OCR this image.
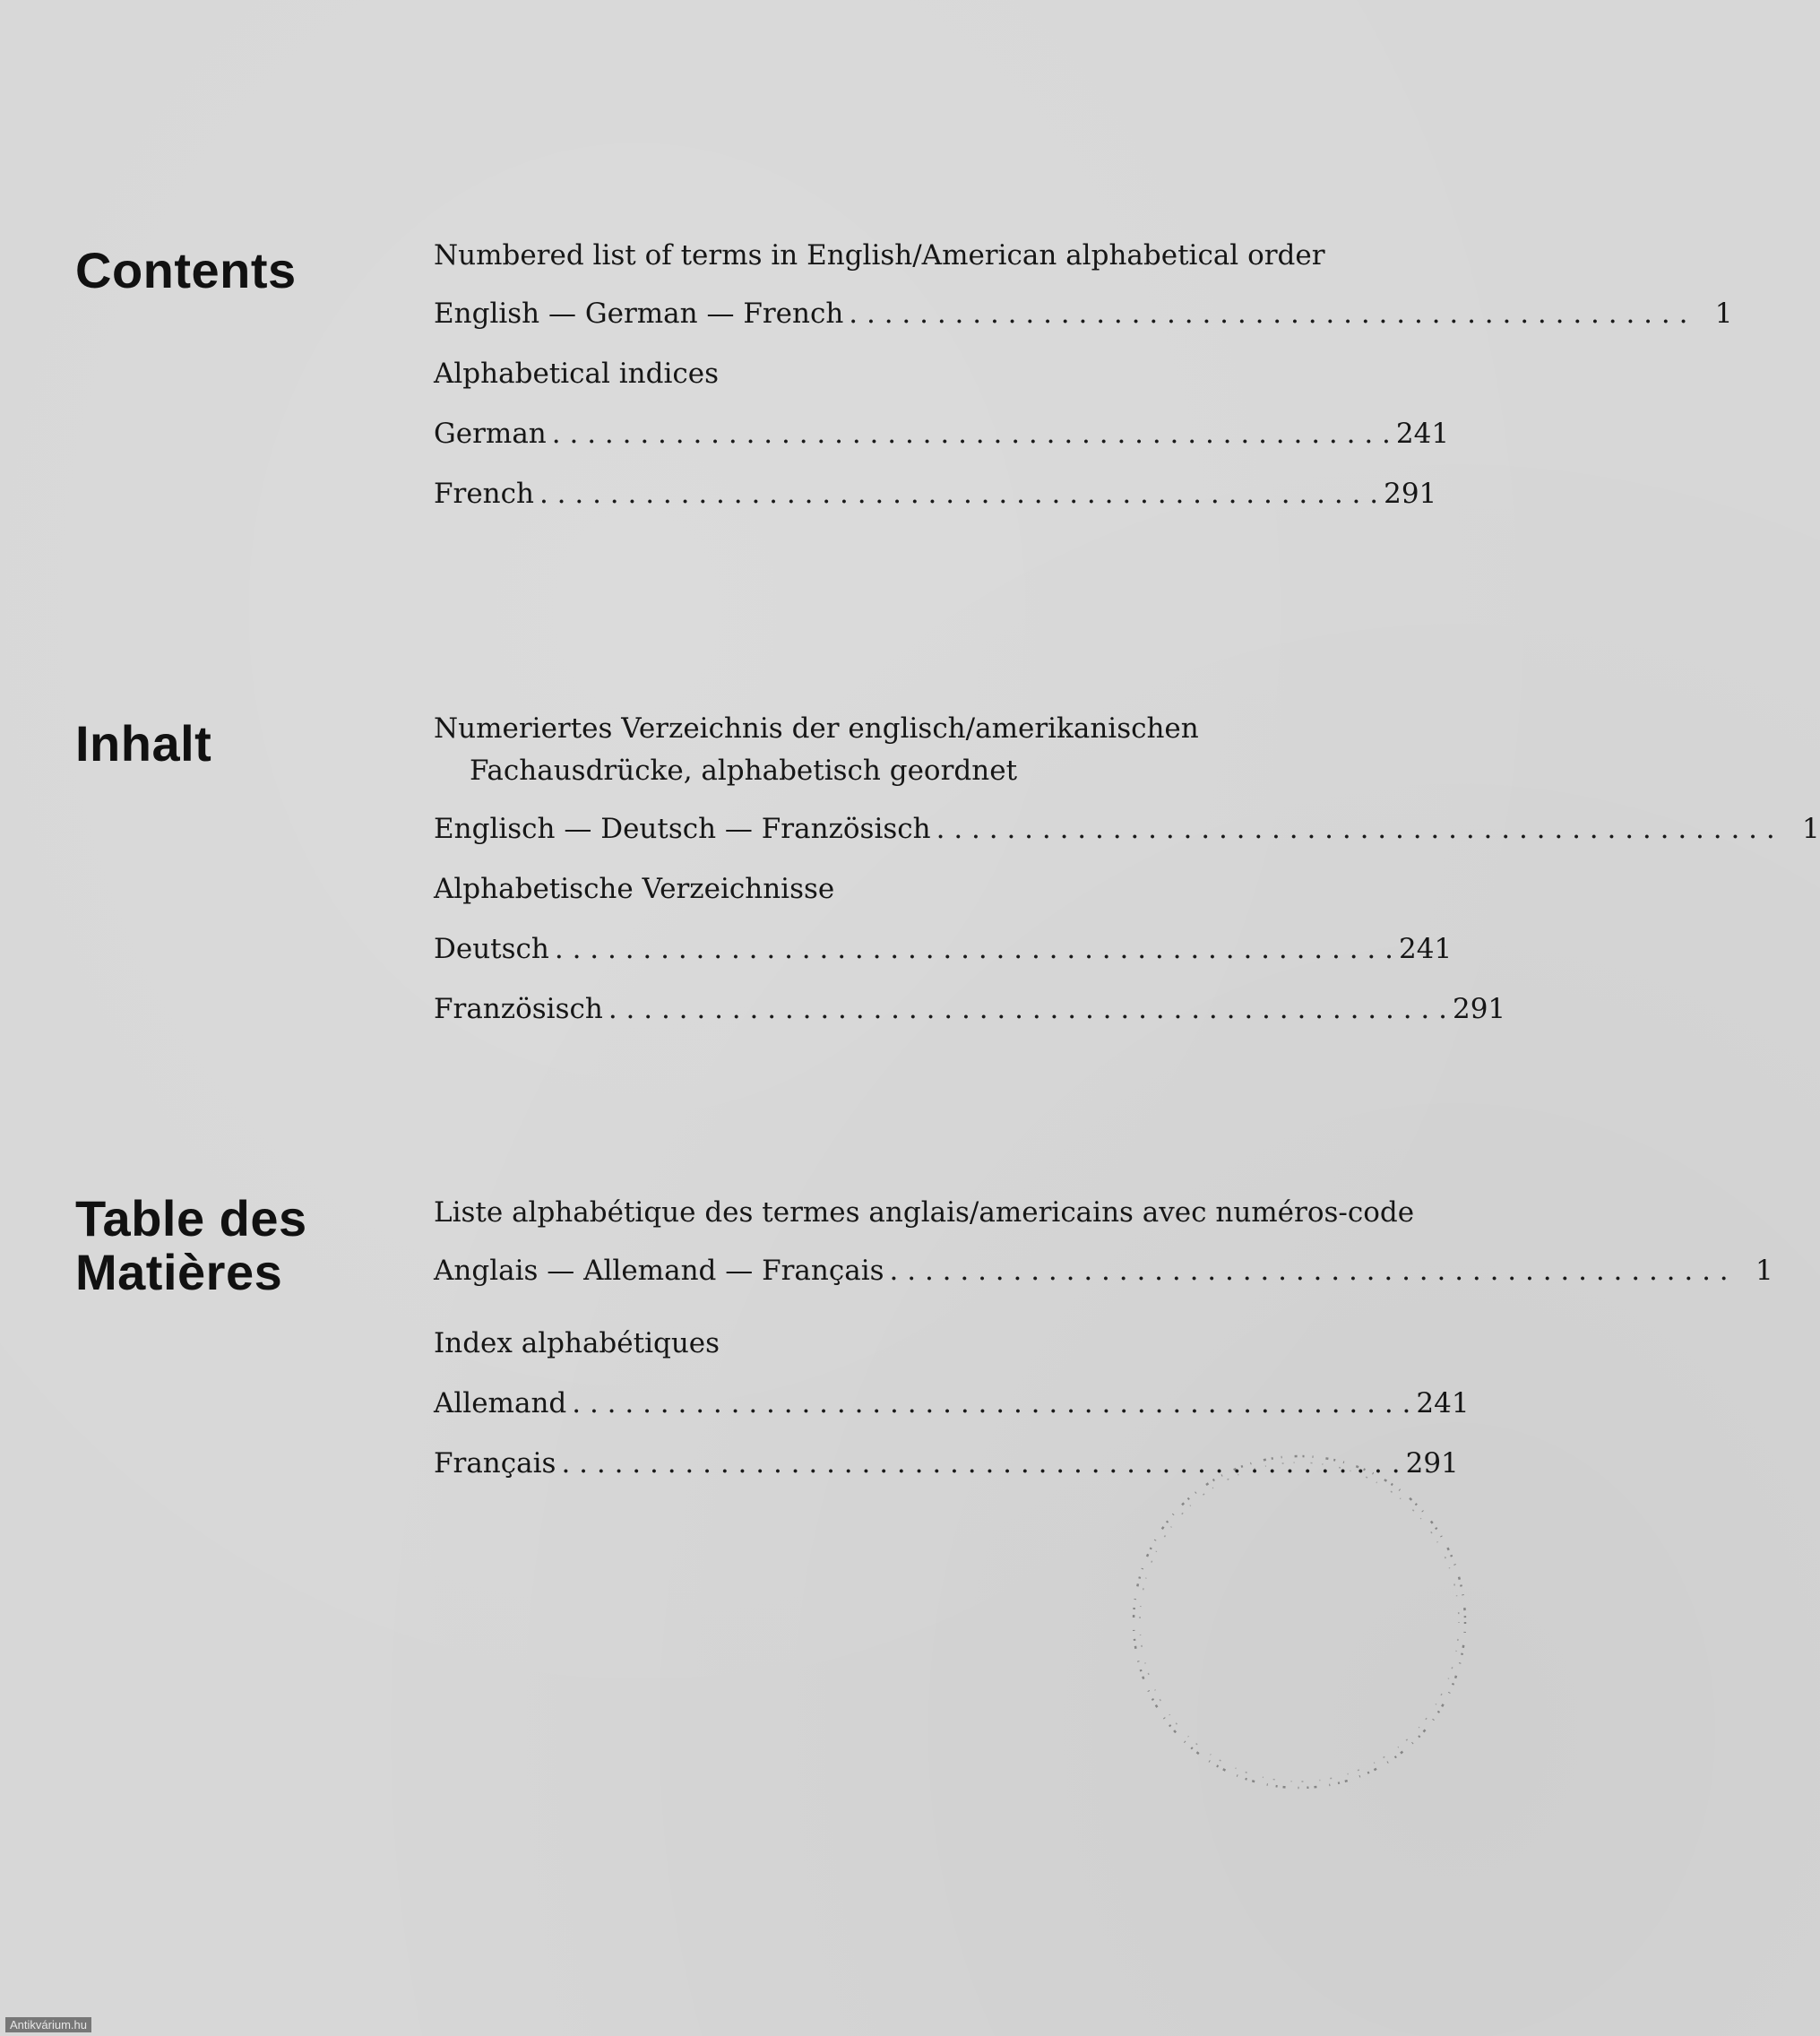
Contents	Numbered list of terms in English/American alphabetical order

English — German — French . . . . . . . . . . . . . . . . . . . . . . . . . . . . . . . . . . . . . . . . . . . . . . . . 1

Alphabetical indices

German . . . . . . . . . . . . . . . . . . . . . . . . . . . . . . . . . . . . . . . . . . . . . . . . 241
French . . . . . . . . . . . . . . . . . . . . . . . . . . . . . . . . . . . . . . . . . . . . . . . . 291
Inhalt	Numeriertes Verzeichnis der englisch/amerikanischen Fachausdrücke, alphabetisch geordnet

Englisch — Deutsch — Französisch . . . . . . . . . . . . . . . . . . . . . . . . . . . . . . . . . . . . . . . . . . . . . . . . 1

Alphabetische Verzeichnisse

Deutsch . . . . . . . . . . . . . . . . . . . . . . . . . . . . . . . . . . . . . . . . . . . . . . . . 241
Französisch . . . . . . . . . . . . . . . . . . . . . . . . . . . . . . . . . . . . . . . . . . . . . . . . 291
Table des
Matières

Liste alphabétique des termes anglais/americains avec numéros-code

Anglais — Allemand — Français . . . . . . . . . . . . . . . . . . . . . . . . . . . . . . . . . . . . . . . . . . . . . . . . 1

Index alphabétiques

Allemand . . . . . . . . . . . . . . . . . . . . . . . . . . . . . . . . . . . . . . . . . . . . . . . . 241
Français . . . . . . . . . . . . . . . . . . . . . . . . . . . . . . . . . . . . . . . . . . . . . . . . 291
Antikvárium.hu
